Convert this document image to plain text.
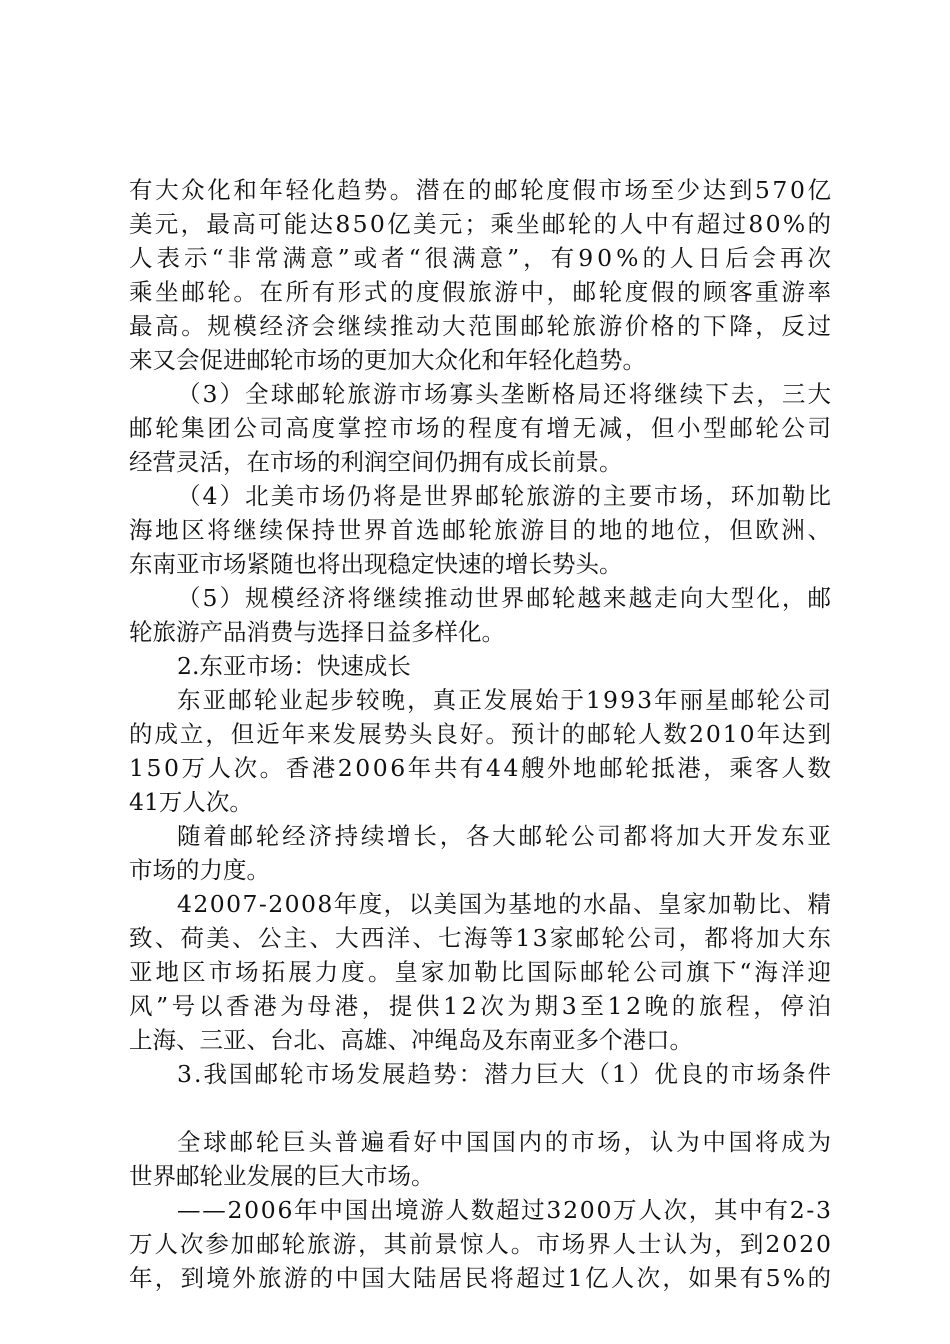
有大众化和年轻化趋势。潜在的邮轮度假市场至少达到570亿
美元，最高可能达850亿美元；乘坐邮轮的人中有超过80%的
人表示“非常满意”或者“很满意”，有90%的人日后会再次
乘坐邮轮。在所有形式的度假旅游中，邮轮度假的顾客重游率
最高。规模经济会继续推动大范围邮轮旅游价格的下降，反过
来又会促进邮轮市场的更加大众化和年轻化趋势。
（3）全球邮轮旅游市场寡头垄断格局还将继续下去，三大
邮轮集团公司高度掌控市场的程度有增无减，但小型邮轮公司
经营灵活，在市场的利润空间仍拥有成长前景。
（4）北美市场仍将是世界邮轮旅游的主要市场，环加勒比
海地区将继续保持世界首选邮轮旅游目的地的地位，但欧洲、
东南亚市场紧随也将出现稳定快速的增长势头。
（5）规模经济将继续推动世界邮轮越来越走向大型化，邮
轮旅游产品消费与选择日益多样化。
2.东亚市场：快速成长
东亚邮轮业起步较晚，真正发展始于1993年丽星邮轮公司
的成立，但近年来发展势头良好。预计的邮轮人数2010年达到
150万人次。香港2006年共有44艘外地邮轮抵港，乘客人数
41万人次。
随着邮轮经济持续增长，各大邮轮公司都将加大开发东亚
市场的力度。
42007-2008年度，以美国为基地的水晶、皇家加勒比、精
致、荷美、公主、大西洋、七海等13家邮轮公司，都将加大东
亚地区市场拓展力度。皇家加勒比国际邮轮公司旗下“海洋迎
风”号以香港为母港，提供12次为期3至12晚的旅程，停泊
上海、三亚、台北、高雄、冲绳岛及东南亚多个港口。
3.我国邮轮市场发展趋势：潜力巨大（1）优良的市场条件
全球邮轮巨头普遍看好中国国内的市场，认为中国将成为
世界邮轮业发展的巨大市场。
——2006年中国出境游人数超过3200万人次，其中有2-3
万人次参加邮轮旅游，其前景惊人。市场界人士认为，到2020
年，到境外旅游的中国大陆居民将超过1亿人次，如果有5%的
